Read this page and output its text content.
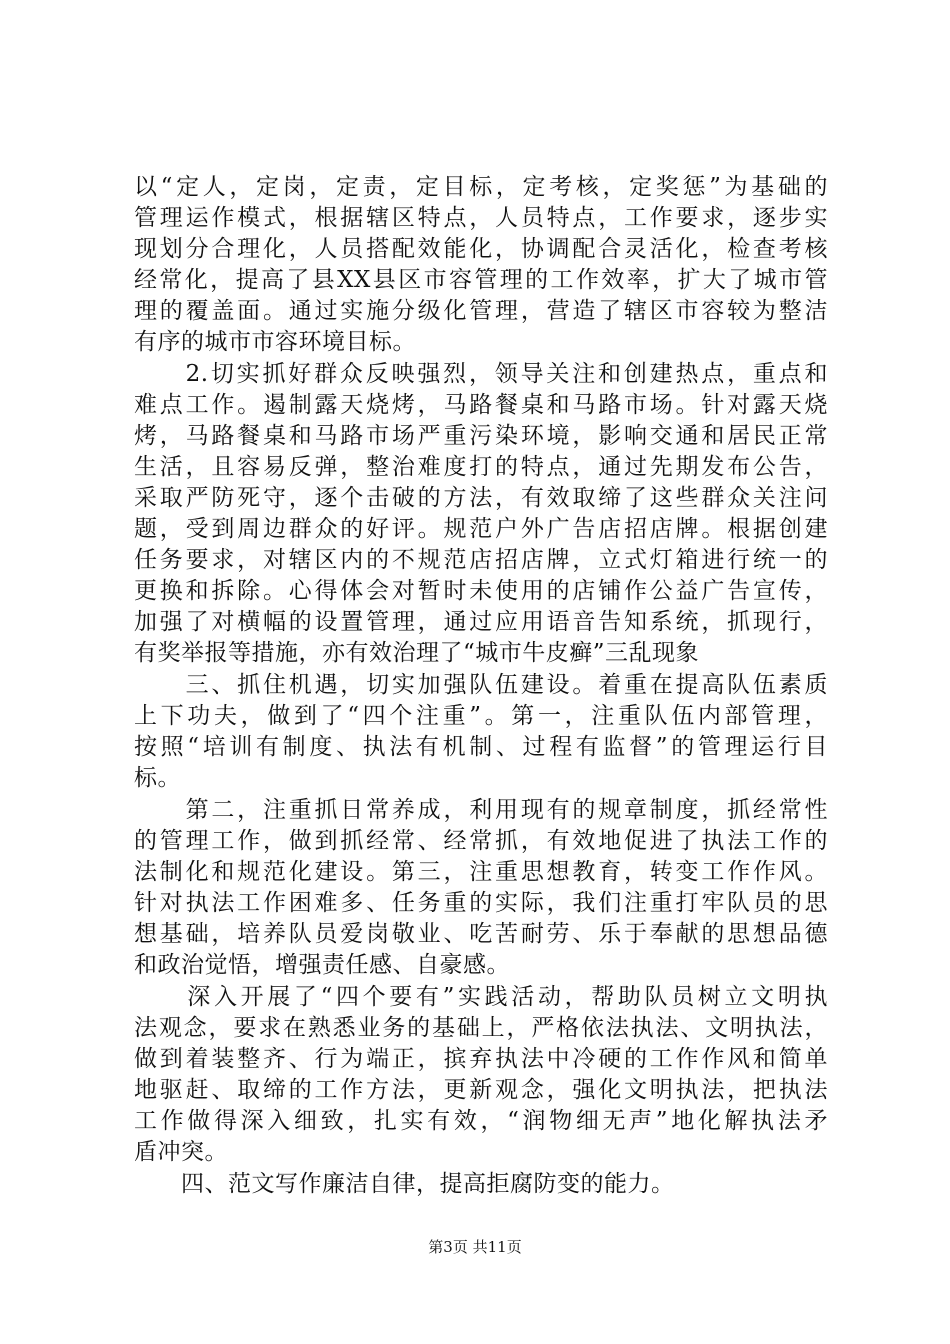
以“定人，定岗，定责，定目标，定考核，定奖惩”为基础的
管理运作模式，根据辖区特点，人员特点，工作要求，逐步实
现划分合理化，人员搭配效能化，协调配合灵活化，检查考核
经常化，提高了县XX县区市容管理的工作效率，扩大了城市管
理的覆盖面。通过实施分级化管理，营造了辖区市容较为整洁
有序的城市市容环境目标。
　　2.切实抓好群众反映强烈，领导关注和创建热点，重点和
难点工作。遏制露天烧烤，马路餐桌和马路市场。针对露天烧
烤，马路餐桌和马路市场严重污染环境，影响交通和居民正常
生活，且容易反弹，整治难度打的特点，通过先期发布公告，
采取严防死守，逐个击破的方法，有效取缔了这些群众关注问
题，受到周边群众的好评。规范户外广告店招店牌。根据创建
任务要求，对辖区内的不规范店招店牌，立式灯箱进行统一的
更换和拆除。心得体会对暂时未使用的店铺作公益广告宣传，
加强了对横幅的设置管理，通过应用语音告知系统，抓现行，
有奖举报等措施，亦有效治理了“城市牛皮癣”三乱现象
　　三、抓住机遇，切实加强队伍建设。着重在提高队伍素质
上下功夫，做到了“四个注重”。第一，注重队伍内部管理，
按照“培训有制度、执法有机制、过程有监督”的管理运行目
标。
　　第二，注重抓日常养成，利用现有的规章制度，抓经常性
的管理工作，做到抓经常、经常抓，有效地促进了执法工作的
法制化和规范化建设。第三，注重思想教育，转变工作作风。
针对执法工作困难多、任务重的实际，我们注重打牢队员的思
想基础，培养队员爱岗敬业、吃苦耐劳、乐于奉献的思想品德
和政治觉悟，增强责任感、自豪感。
　　深入开展了“四个要有”实践活动，帮助队员树立文明执
法观念，要求在熟悉业务的基础上，严格依法执法、文明执法，
做到着装整齐、行为端正，摈弃执法中冷硬的工作作风和简单
地驱赶、取缔的工作方法，更新观念，强化文明执法，把执法
工作做得深入细致，扎实有效，“润物细无声”地化解执法矛
盾冲突。
　　四、范文写作廉洁自律，提高拒腐防变的能力。
第3页 共11页
